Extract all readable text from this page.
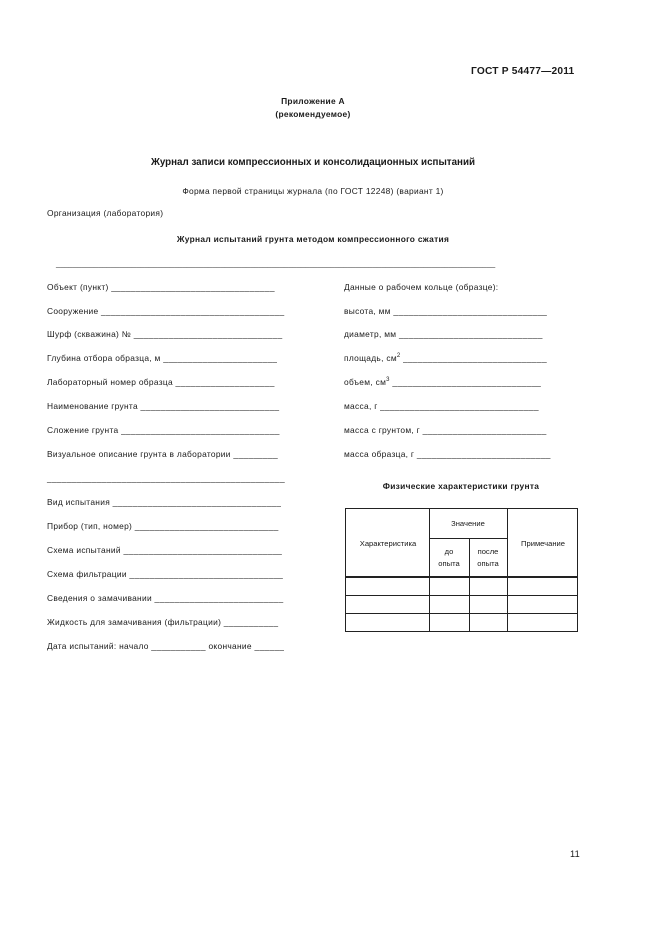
ГОСТ Р 54477—2011
Приложение А
(рекомендуемое)
Журнал записи компрессионных и консолидационных испытаний
Форма первой страницы журнала (по ГОСТ 12248) (вариант 1)
Организация (лаборатория)
Журнал испытаний грунта методом компрессионного сжатия
________________________________________________________________________________________________________
Объект (пункт) _________________________________
Сооружение _____________________________________
Шурф (скважина) № ______________________________
Глубина отбора образца, м _______________________
Лабораторный номер образца ____________________
Наименование грунта ____________________________
Сложение грунта ________________________________
Визуальное описание грунта в лаборатории _________
________________________________________________
Вид испытания __________________________________
Прибор (тип, номер) _____________________________
Схема испытаний ________________________________
Схема фильтрации _______________________________
Сведения о замачивании __________________________
Жидкость для замачивания (фильтрации) ___________
Дата испытаний: начало ___________ окончание ______
Данные о рабочем кольце (образце):
высота, мм _______________________________
диаметр, мм _____________________________
площадь, $см^2$ _____________________________
объем, $см^3$ ______________________________
масса, г ________________________________
масса с грунтом, г _________________________
масса образца, г ___________________________
Физические характеристики грунта
Характеристика
Значение
до
опыта
после
опыта
Примечание
11
